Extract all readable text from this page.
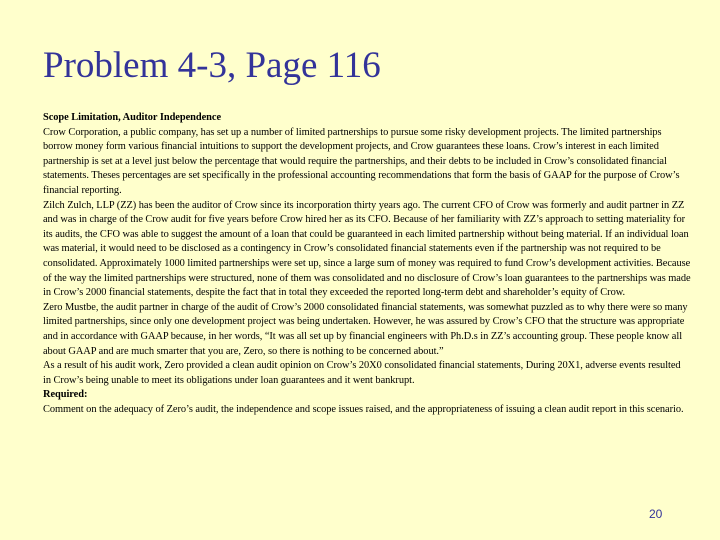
Problem 4-3, Page 116

Scope Limitation, Auditor Independence

Crow Corporation, a public company, has set up a number of limited partnerships to pursue some risky development projects. The limited partnerships borrow money form various financial intuitions to support the development projects, and Crow guarantees these loans. Crow’s interest in each limited partnership is set at a level just below the percentage that would require the partnerships, and their debts to be included in Crow’s consolidated financial statements. Theses percentages are set specifically in the professional accounting recommendations that form the basis of GAAP for the purpose of Crow’s financial reporting.

Zilch Zulch, LLP (ZZ) has been the auditor of Crow since its incorporation thirty years ago. The current CFO of Crow was formerly and audit partner in ZZ and was in charge of the Crow audit for five years before Crow hired her as its CFO. Because of her familiarity with ZZ’s approach to setting materiality for its audits, the CFO was able to suggest the amount of a loan that could be guaranteed in each limited partnership without being material. If an individual loan was material, it would need to be disclosed as a contingency in Crow’s consolidated financial statements even if the partnership was not required to be consolidated. Approximately 1000 limited partnerships were set up, since a large sum of money was required to fund Crow’s development activities. Because of the way the limited partnerships were structured, none of them was consolidated and no disclosure of Crow’s loan guarantees to the partnerships was made in Crow’s 2000 financial statements, despite the fact that in total they exceeded the reported long-term debt and shareholder’s equity of Crow.

Zero Mustbe, the audit partner in charge of the audit of Crow’s 2000 consolidated financial statements, was somewhat puzzled as to why there were so many limited partnerships, since only one development project was being undertaken. However, he was assured by Crow’s CFO that the structure was appropriate and in accordance with GAAP because, in her words, “It was all set up by financial engineers with Ph.D.s in ZZ’s accounting group. These people know all about GAAP and are much smarter that you are, Zero, so there is nothing to be concerned about.”

As a result of his audit work, Zero provided a clean audit opinion on Crow’s 20X0 consolidated financial statements, During 20X1, adverse events resulted in Crow’s being unable to meet its obligations under loan guarantees and it went bankrupt.

Required:

Comment on the adequacy of Zero’s audit, the independence and scope issues raised, and the appropriateness of issuing a clean audit report in this scenario.

20
